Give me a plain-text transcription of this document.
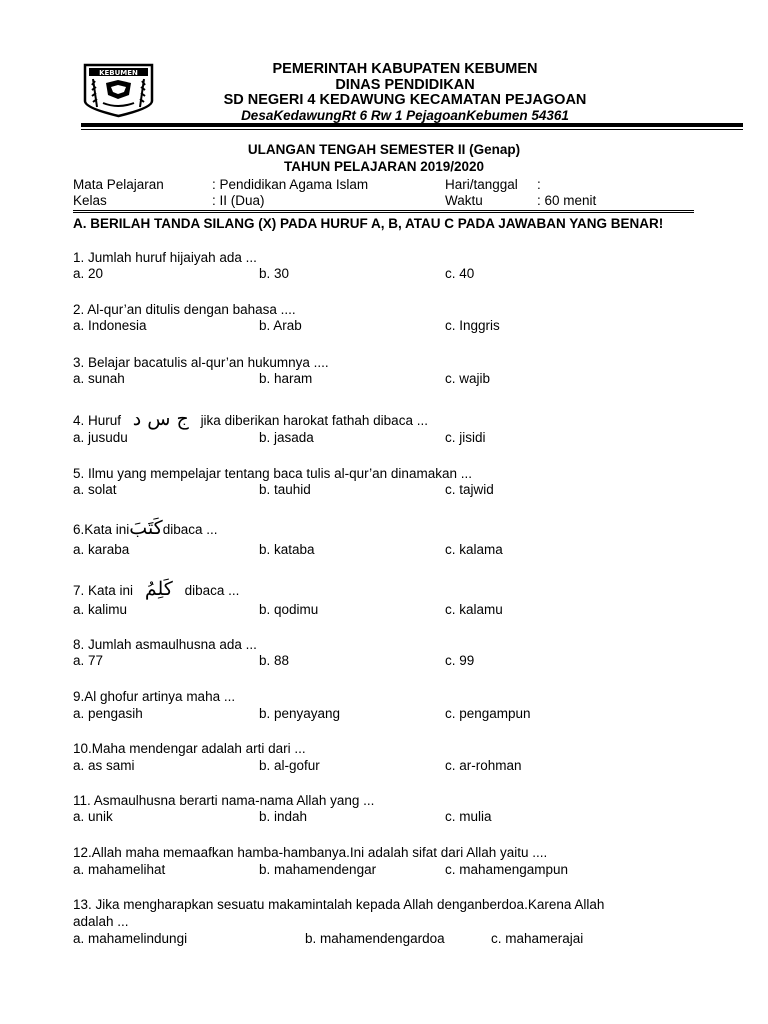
KEBUMEN	PEMERINTAH KABUPATEN KEBUMEN
DINAS PENDIDIKAN
SD NEGERI 4 KEDAWUNG KECAMATAN PEJAGOAN
DesaKedawungRt 6 Rw 1 PejagoanKebumen 54361
ULANGAN TENGAH SEMESTER II (Genap)
TAHUN PELAJARAN 2019/2020
Mata Pelajaran	: Pendidikan Agama Islam	Hari/tanggal :
Kelas	: II (Dua)	Waktu	: 60 menit
A. BERILAH TANDA SILANG (X) PADA HURUF A, B, ATAU C PADA JAWABAN YANG BENAR!
1. Jumlah huruf hijaiyah ada ...
a. 20	b. 30	c. 40
2. Al-qur’an ditulis dengan bahasa ....
a. Indonesia	b. Arab	c. Inggris
3. Belajar bacatulis al-qur’an hukumnya ....
a. sunah	b. haram	c. wajib
4. Huruf ج س د jika diberikan harokat fathah dibaca ...
a. jusudu	b. jasada	c. jisidi
5. Ilmu yang mempelajar tentang baca tulis al-qur’an dinamakan ...
a. solat	b. tauhid	c. tajwid
6.Kata iniكَتَبَdibaca ...
a. karaba	b. kataba	c. kalama
7. Kata ini كَلِمُ dibaca ...
a. kalimu	b. qodimu	c. kalamu
8. Jumlah asmaulhusna ada ...
a. 77	b. 88	c. 99
9.Al ghofur artinya maha ...
a. pengasih	b. penyayang	c. pengampun
10.Maha mendengar adalah arti dari ...
a. as sami	b. al-gofur	c. ar-rohman
11. Asmaulhusna berarti nama-nama Allah yang ...
a. unik	b. indah	c. mulia
12.Allah maha memaafkan hamba-hambanya.Ini adalah sifat dari Allah yaitu ....
a. mahamelihat	b. mahamendengar	c. mahamengampun
13. Jika mengharapkan sesuatu makamintalah kepada Allah denganberdoa.Karena Allah
adalah ...
a. mahamelindungi	b. mahamendengardoa	c. mahamerajai
